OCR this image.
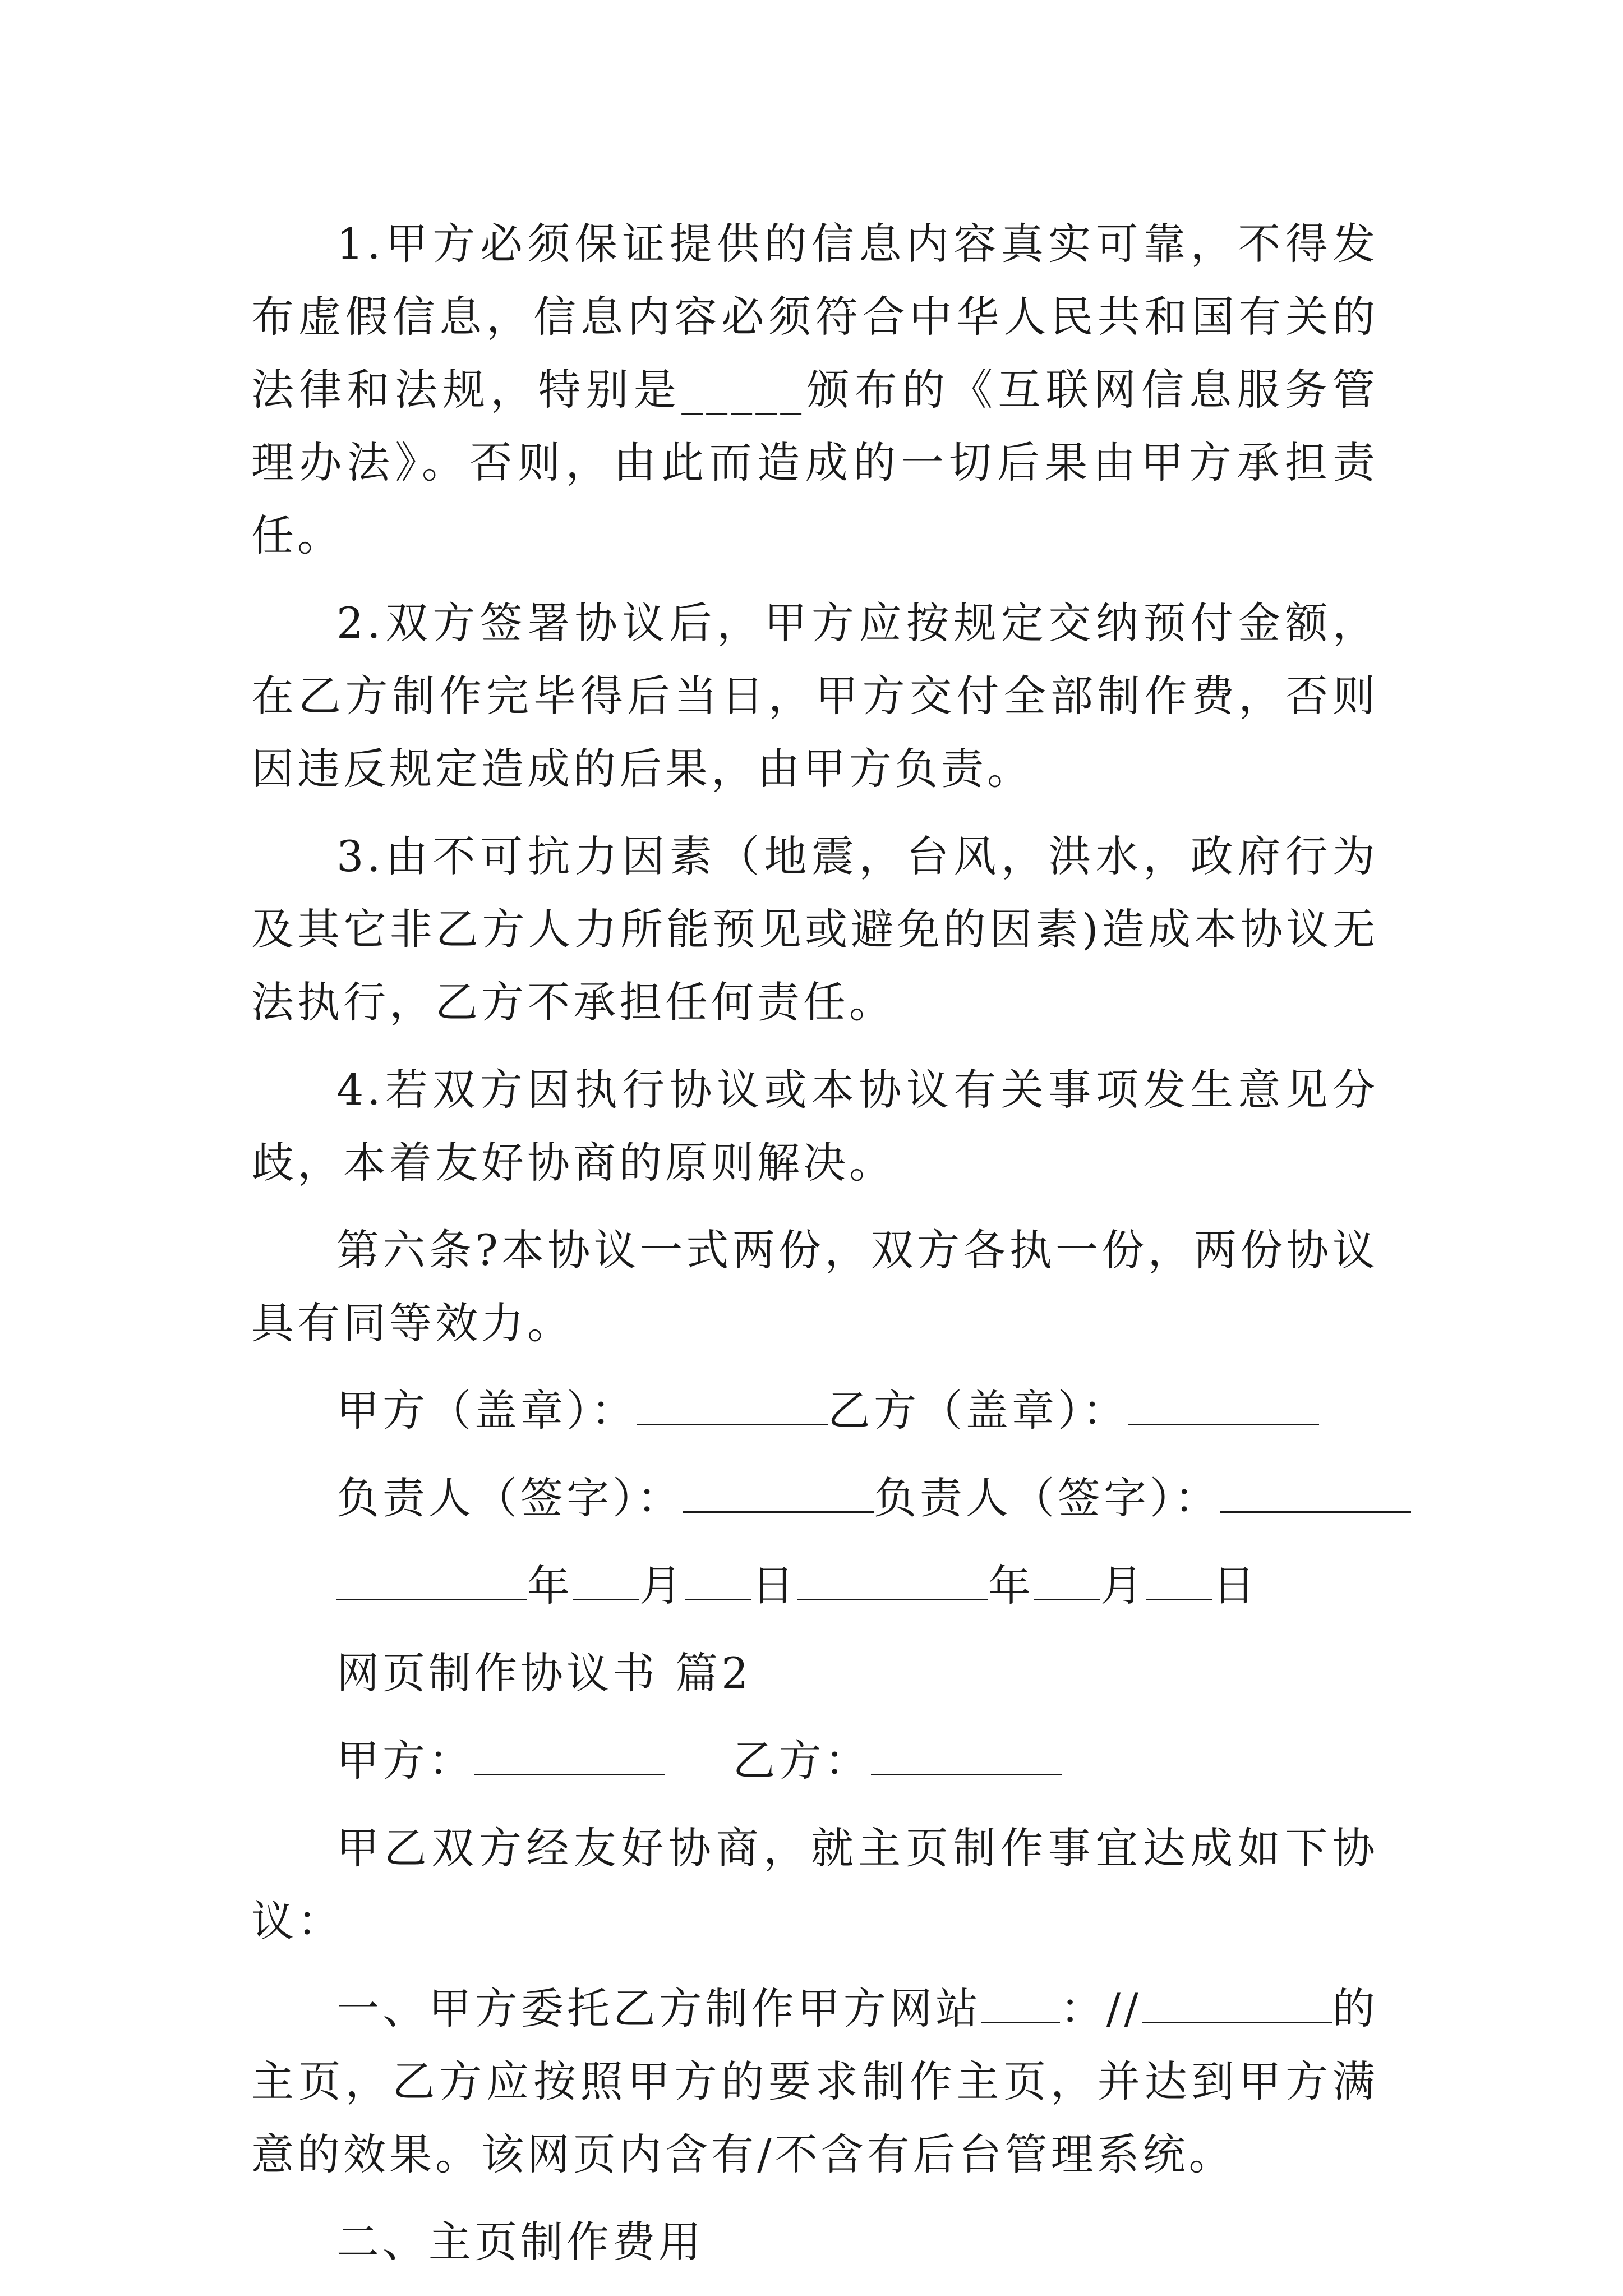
1.甲方必须保证提供的信息内容真实可靠，不得发布虚假信息，信息内容必须符合中华人民共和国有关的法律和法规，特别是_____颁布的《互联网信息服务管理办法》。否则，由此而造成的一切后果由甲方承担责任。

2.双方签署协议后，甲方应按规定交纳预付金额，在乙方制作完毕得后当日，甲方交付全部制作费，否则因违反规定造成的后果，由甲方负责。

3.由不可抗力因素（地震，台风，洪水，政府行为及其它非乙方人力所能预见或避免的因素)造成本协议无法执行，乙方不承担任何责任。

4.若双方因执行协议或本协议有关事项发生意见分歧，本着友好协商的原则解决。

第六条?本协议一式两份，双方各执一份，两份协议具有同等效力。

甲方（盖章）：	乙方（盖章）：

负责人（签字）：	负责人（签字）：

年 月 日	年 月 日

网页制作协议书 篇2

甲方：	乙方：

甲乙双方经友好协商，就主页制作事宜达成如下协议：

一、甲方委托乙方制作甲方网站 ：//	的主页，乙方应按照甲方的要求制作主页，并达到甲方满意的效果。该网页内含有/不含有后台管理系统。

二、主页制作费用
